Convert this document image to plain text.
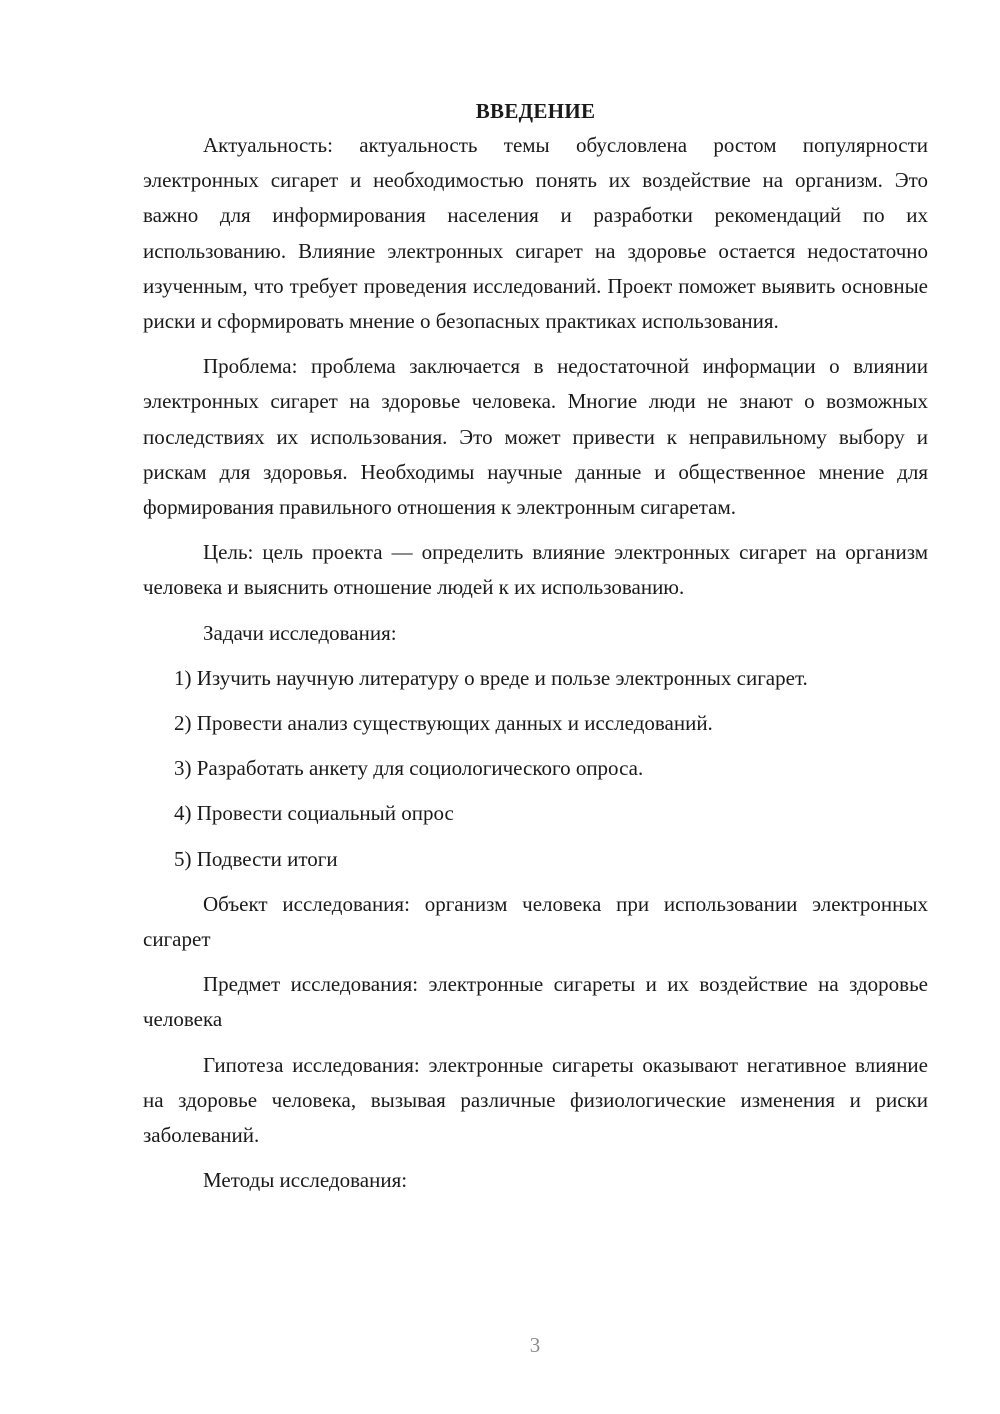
ВВЕДЕНИЕ

Актуальность: актуальность темы обусловлена ростом популярности электронных сигарет и необходимостью понять их воздействие на организм. Это важно для информирования населения и разработки рекомендаций по их использованию. Влияние электронных сигарет на здоровье остается недостаточно изученным, что требует проведения исследований. Проект поможет выявить основные риски и сформировать мнение о безопасных практиках использования.

Проблема: проблема заключается в недостаточной информации о влиянии электронных сигарет на здоровье человека. Многие люди не знают о возможных последствиях их использования. Это может привести к неправильному выбору и рискам для здоровья. Необходимы научные данные и общественное мнение для формирования правильного отношения к электронным сигаретам.

Цель: цель проекта — определить влияние электронных сигарет на организм человека и выяснить отношение людей к их использованию.

Задачи исследования:

1) Изучить научную литературу о вреде и пользе электронных сигарет.

2) Провести анализ существующих данных и исследований.

3) Разработать анкету для социологического опроса.

4) Провести социальный опрос

5) Подвести итоги

Объект исследования: организм человека при использовании электронных сигарет

Предмет исследования: электронные сигареты и их воздействие на здоровье человека

Гипотеза исследования: электронные сигареты оказывают негативное влияние на здоровье человека, вызывая различные физиологические изменения и риски заболеваний.

Методы исследования:

3
